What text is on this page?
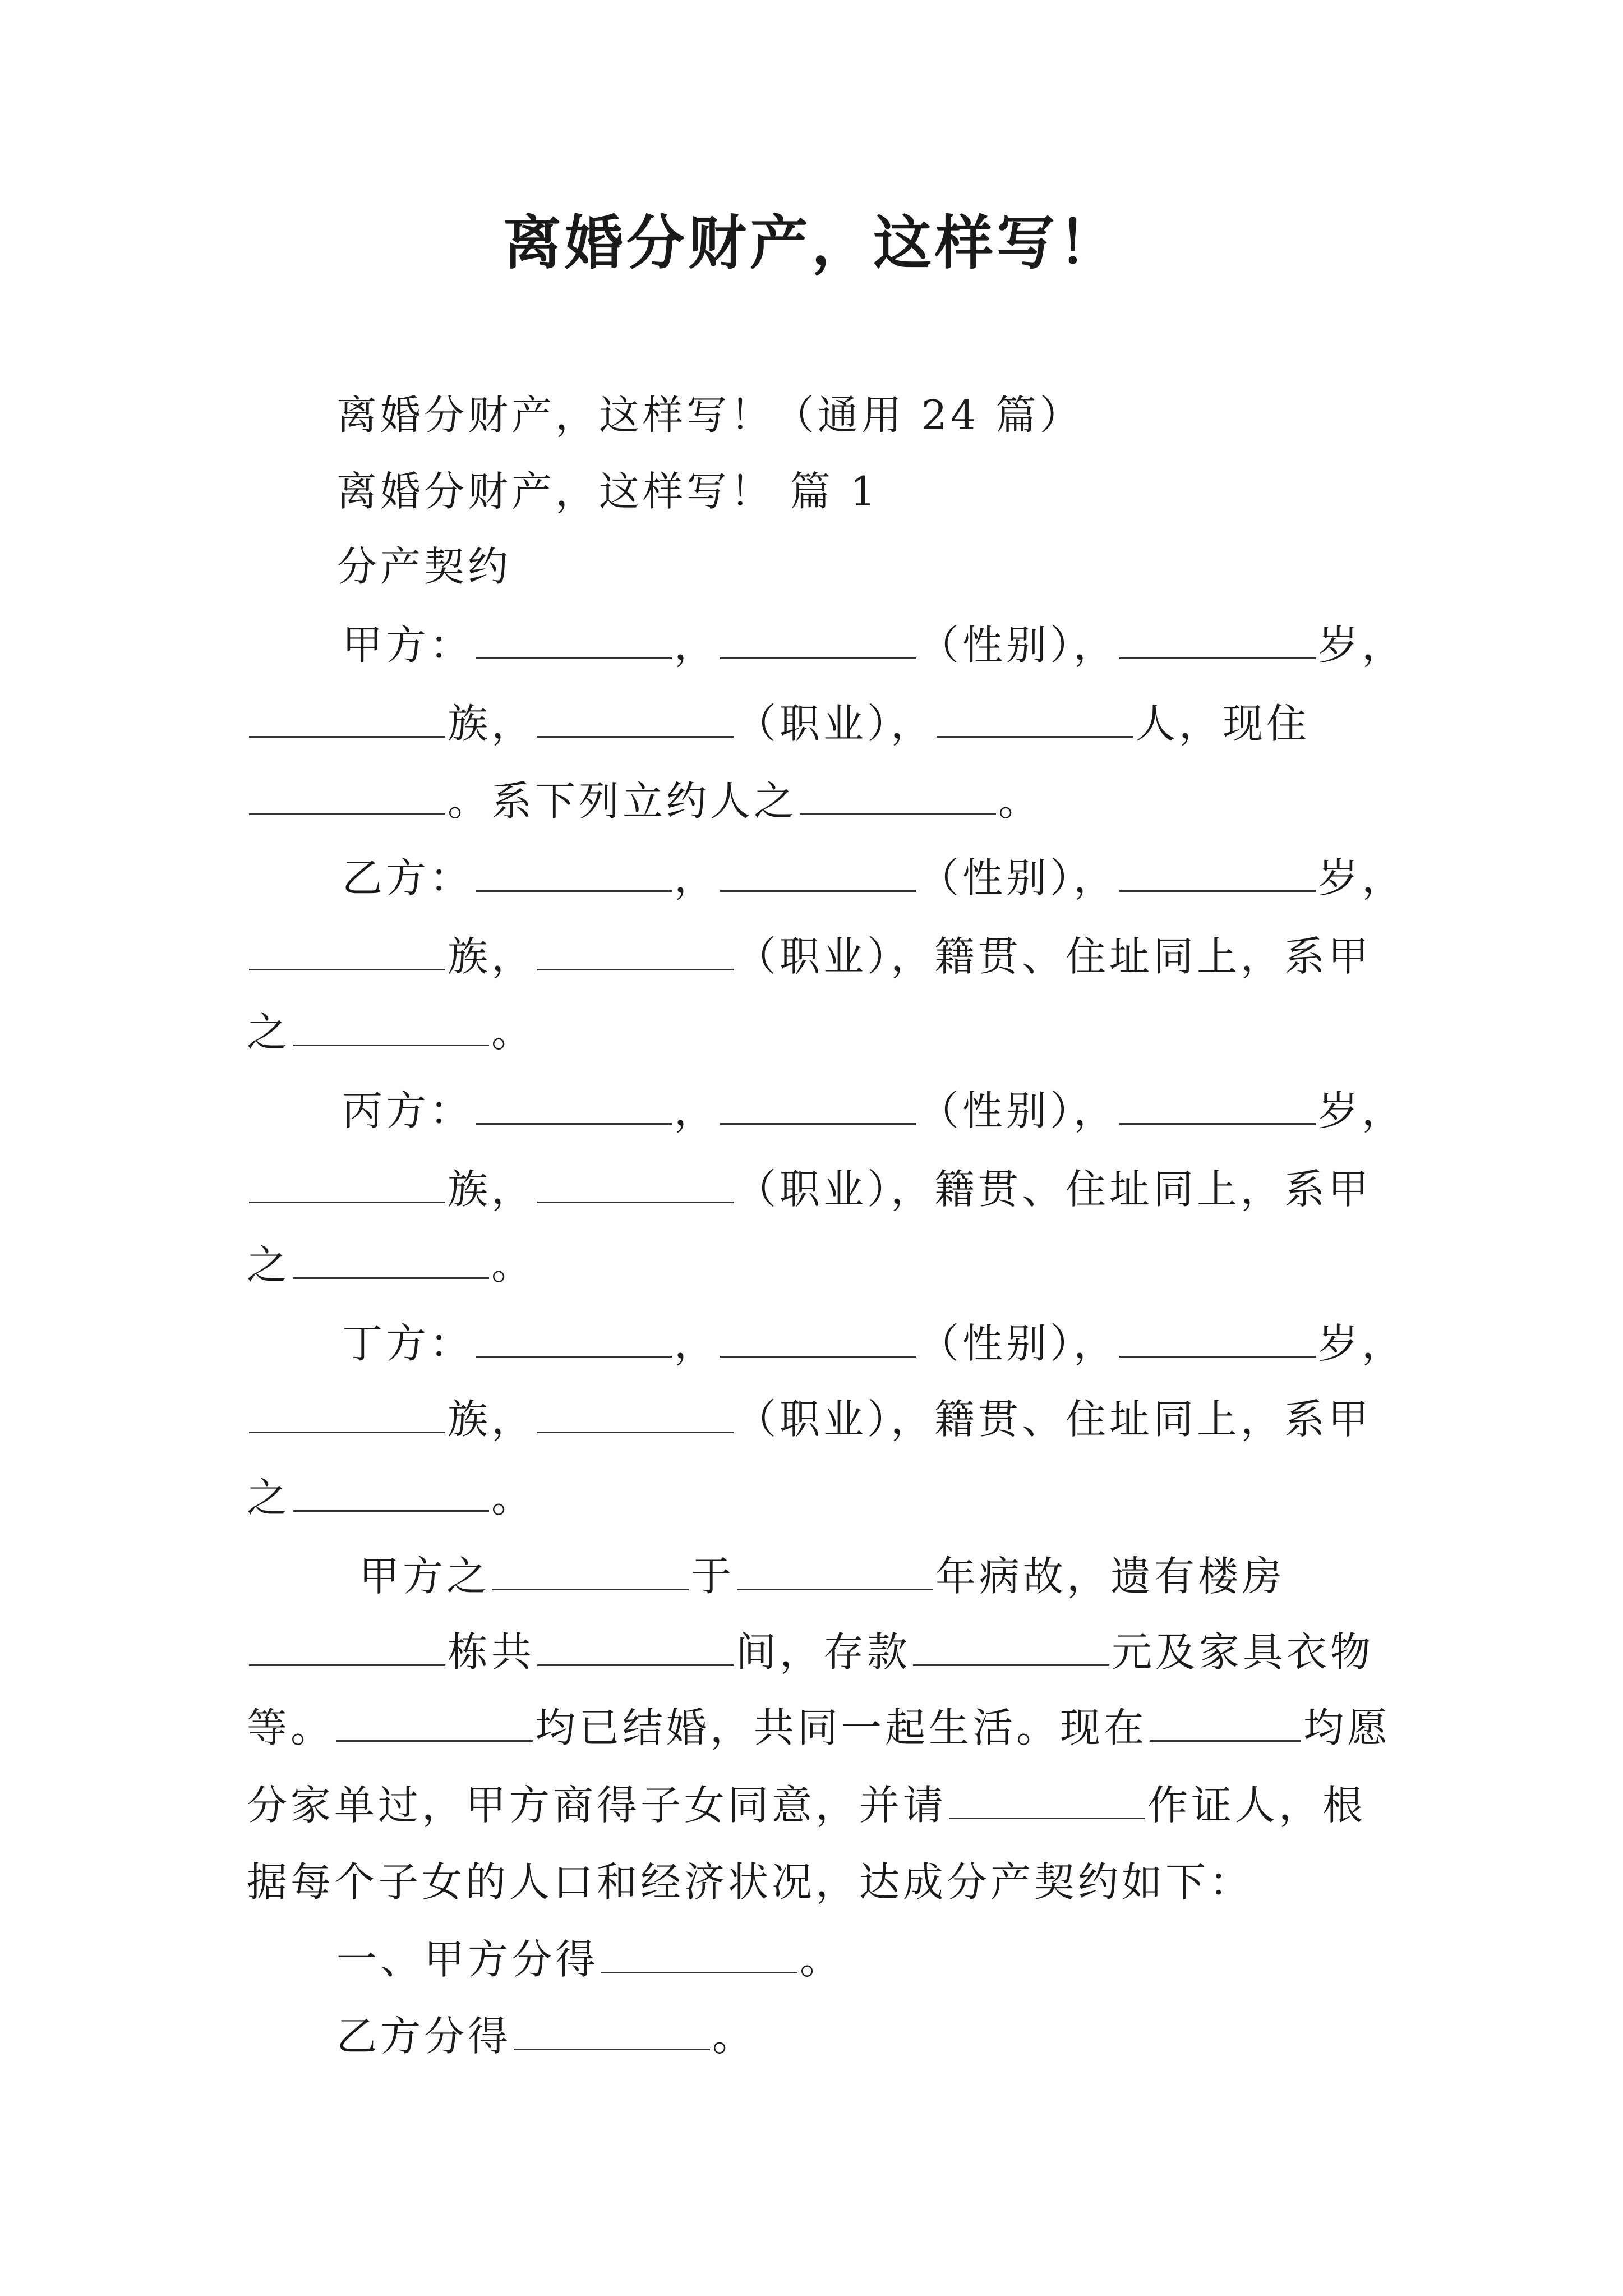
离婚分财产，这样写！
离婚分财产，这样写！（通用 24 篇）
离婚分财产，这样写！ 篇 1
分产契约
甲方：	，	（性别），	岁，
族，	（职业），	人，现住
。系下列立约人之	。
乙方：	，	（性别），	岁，
族，	（职业），籍贯、住址同上，系甲
之	。
丙方：	，	（性别），	岁，
族，	（职业），籍贯、住址同上，系甲
之	。
丁方：	，	（性别），	岁，
族，	（职业），籍贯、住址同上，系甲
之	。
甲方之	于	年病故，遗有楼房
栋共	间，存款	元及家具衣物
等。	均已结婚，共同一起生活。现在	均愿
分家单过，甲方商得子女同意，并请	作证人，根
据每个子女的人口和经济状况，达成分产契约如下：
一、甲方分得	。
乙方分得	。
